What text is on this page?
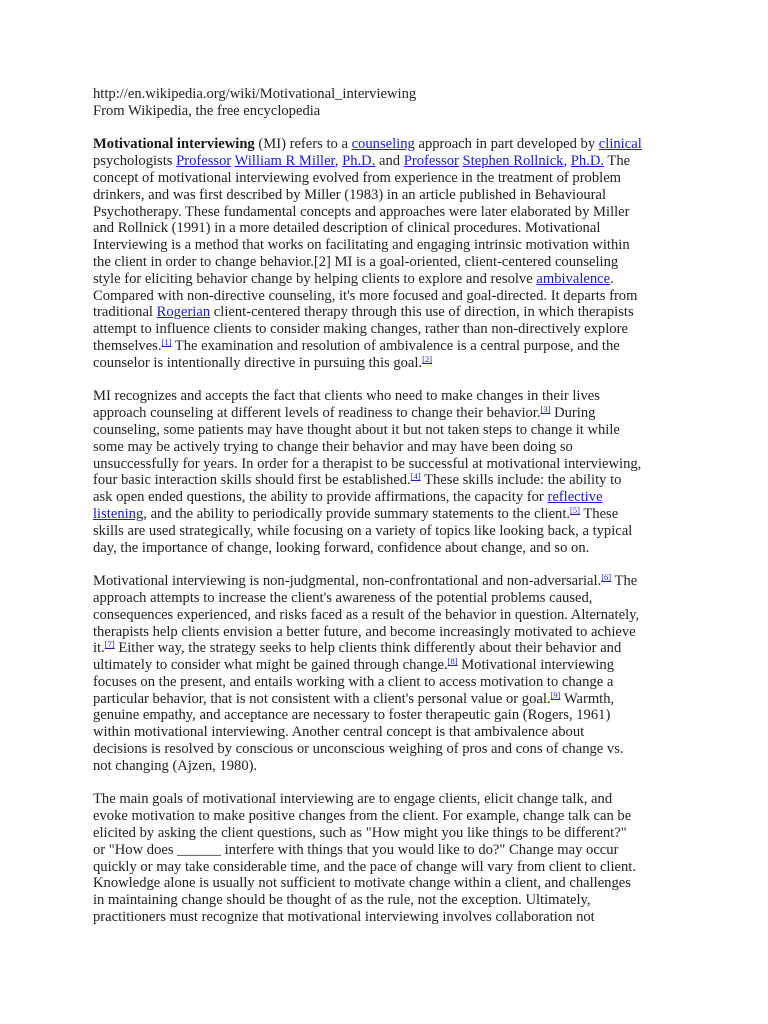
http://en.wikipedia.org/wiki/Motivational_interviewing
From Wikipedia, the free encyclopedia
Motivational interviewing (MI) refers to a counseling approach in part developed by clinical
psychologists Professor William R Miller, Ph.D. and Professor Stephen Rollnick, Ph.D. The
concept of motivational interviewing evolved from experience in the treatment of problem
drinkers, and was first described by Miller (1983) in an article published in Behavioural
Psychotherapy. These fundamental concepts and approaches were later elaborated by Miller
and Rollnick (1991) in a more detailed description of clinical procedures. Motivational
Interviewing is a method that works on facilitating and engaging intrinsic motivation within
the client in order to change behavior.[2] MI is a goal-oriented, client-centered counseling
style for eliciting behavior change by helping clients to explore and resolve ambivalence.
Compared with non-directive counseling, it's more focused and goal-directed. It departs from
traditional Rogerian client-centered therapy through this use of direction, in which therapists
attempt to influence clients to consider making changes, rather than non-directively explore
themselves.[1] The examination and resolution of ambivalence is a central purpose, and the
counselor is intentionally directive in pursuing this goal.[2]
MI recognizes and accepts the fact that clients who need to make changes in their lives
approach counseling at different levels of readiness to change their behavior.[3] During
counseling, some patients may have thought about it but not taken steps to change it while
some may be actively trying to change their behavior and may have been doing so
unsuccessfully for years. In order for a therapist to be successful at motivational interviewing,
four basic interaction skills should first be established.[4] These skills include: the ability to
ask open ended questions, the ability to provide affirmations, the capacity for reflective
listening, and the ability to periodically provide summary statements to the client.[5] These
skills are used strategically, while focusing on a variety of topics like looking back, a typical
day, the importance of change, looking forward, confidence about change, and so on.
Motivational interviewing is non-judgmental, non-confrontational and non-adversarial.[6] The
approach attempts to increase the client's awareness of the potential problems caused,
consequences experienced, and risks faced as a result of the behavior in question. Alternately,
therapists help clients envision a better future, and become increasingly motivated to achieve
it.[7] Either way, the strategy seeks to help clients think differently about their behavior and
ultimately to consider what might be gained through change.[8] Motivational interviewing
focuses on the present, and entails working with a client to access motivation to change a
particular behavior, that is not consistent with a client's personal value or goal.[9] Warmth,
genuine empathy, and acceptance are necessary to foster therapeutic gain (Rogers, 1961)
within motivational interviewing. Another central concept is that ambivalence about
decisions is resolved by conscious or unconscious weighing of pros and cons of change vs.
not changing (Ajzen, 1980).
The main goals of motivational interviewing are to engage clients, elicit change talk, and
evoke motivation to make positive changes from the client. For example, change talk can be
elicited by asking the client questions, such as "How might you like things to be different?"
or "How does ______ interfere with things that you would like to do?" Change may occur
quickly or may take considerable time, and the pace of change will vary from client to client.
Knowledge alone is usually not sufficient to motivate change within a client, and challenges
in maintaining change should be thought of as the rule, not the exception. Ultimately,
practitioners must recognize that motivational interviewing involves collaboration not
